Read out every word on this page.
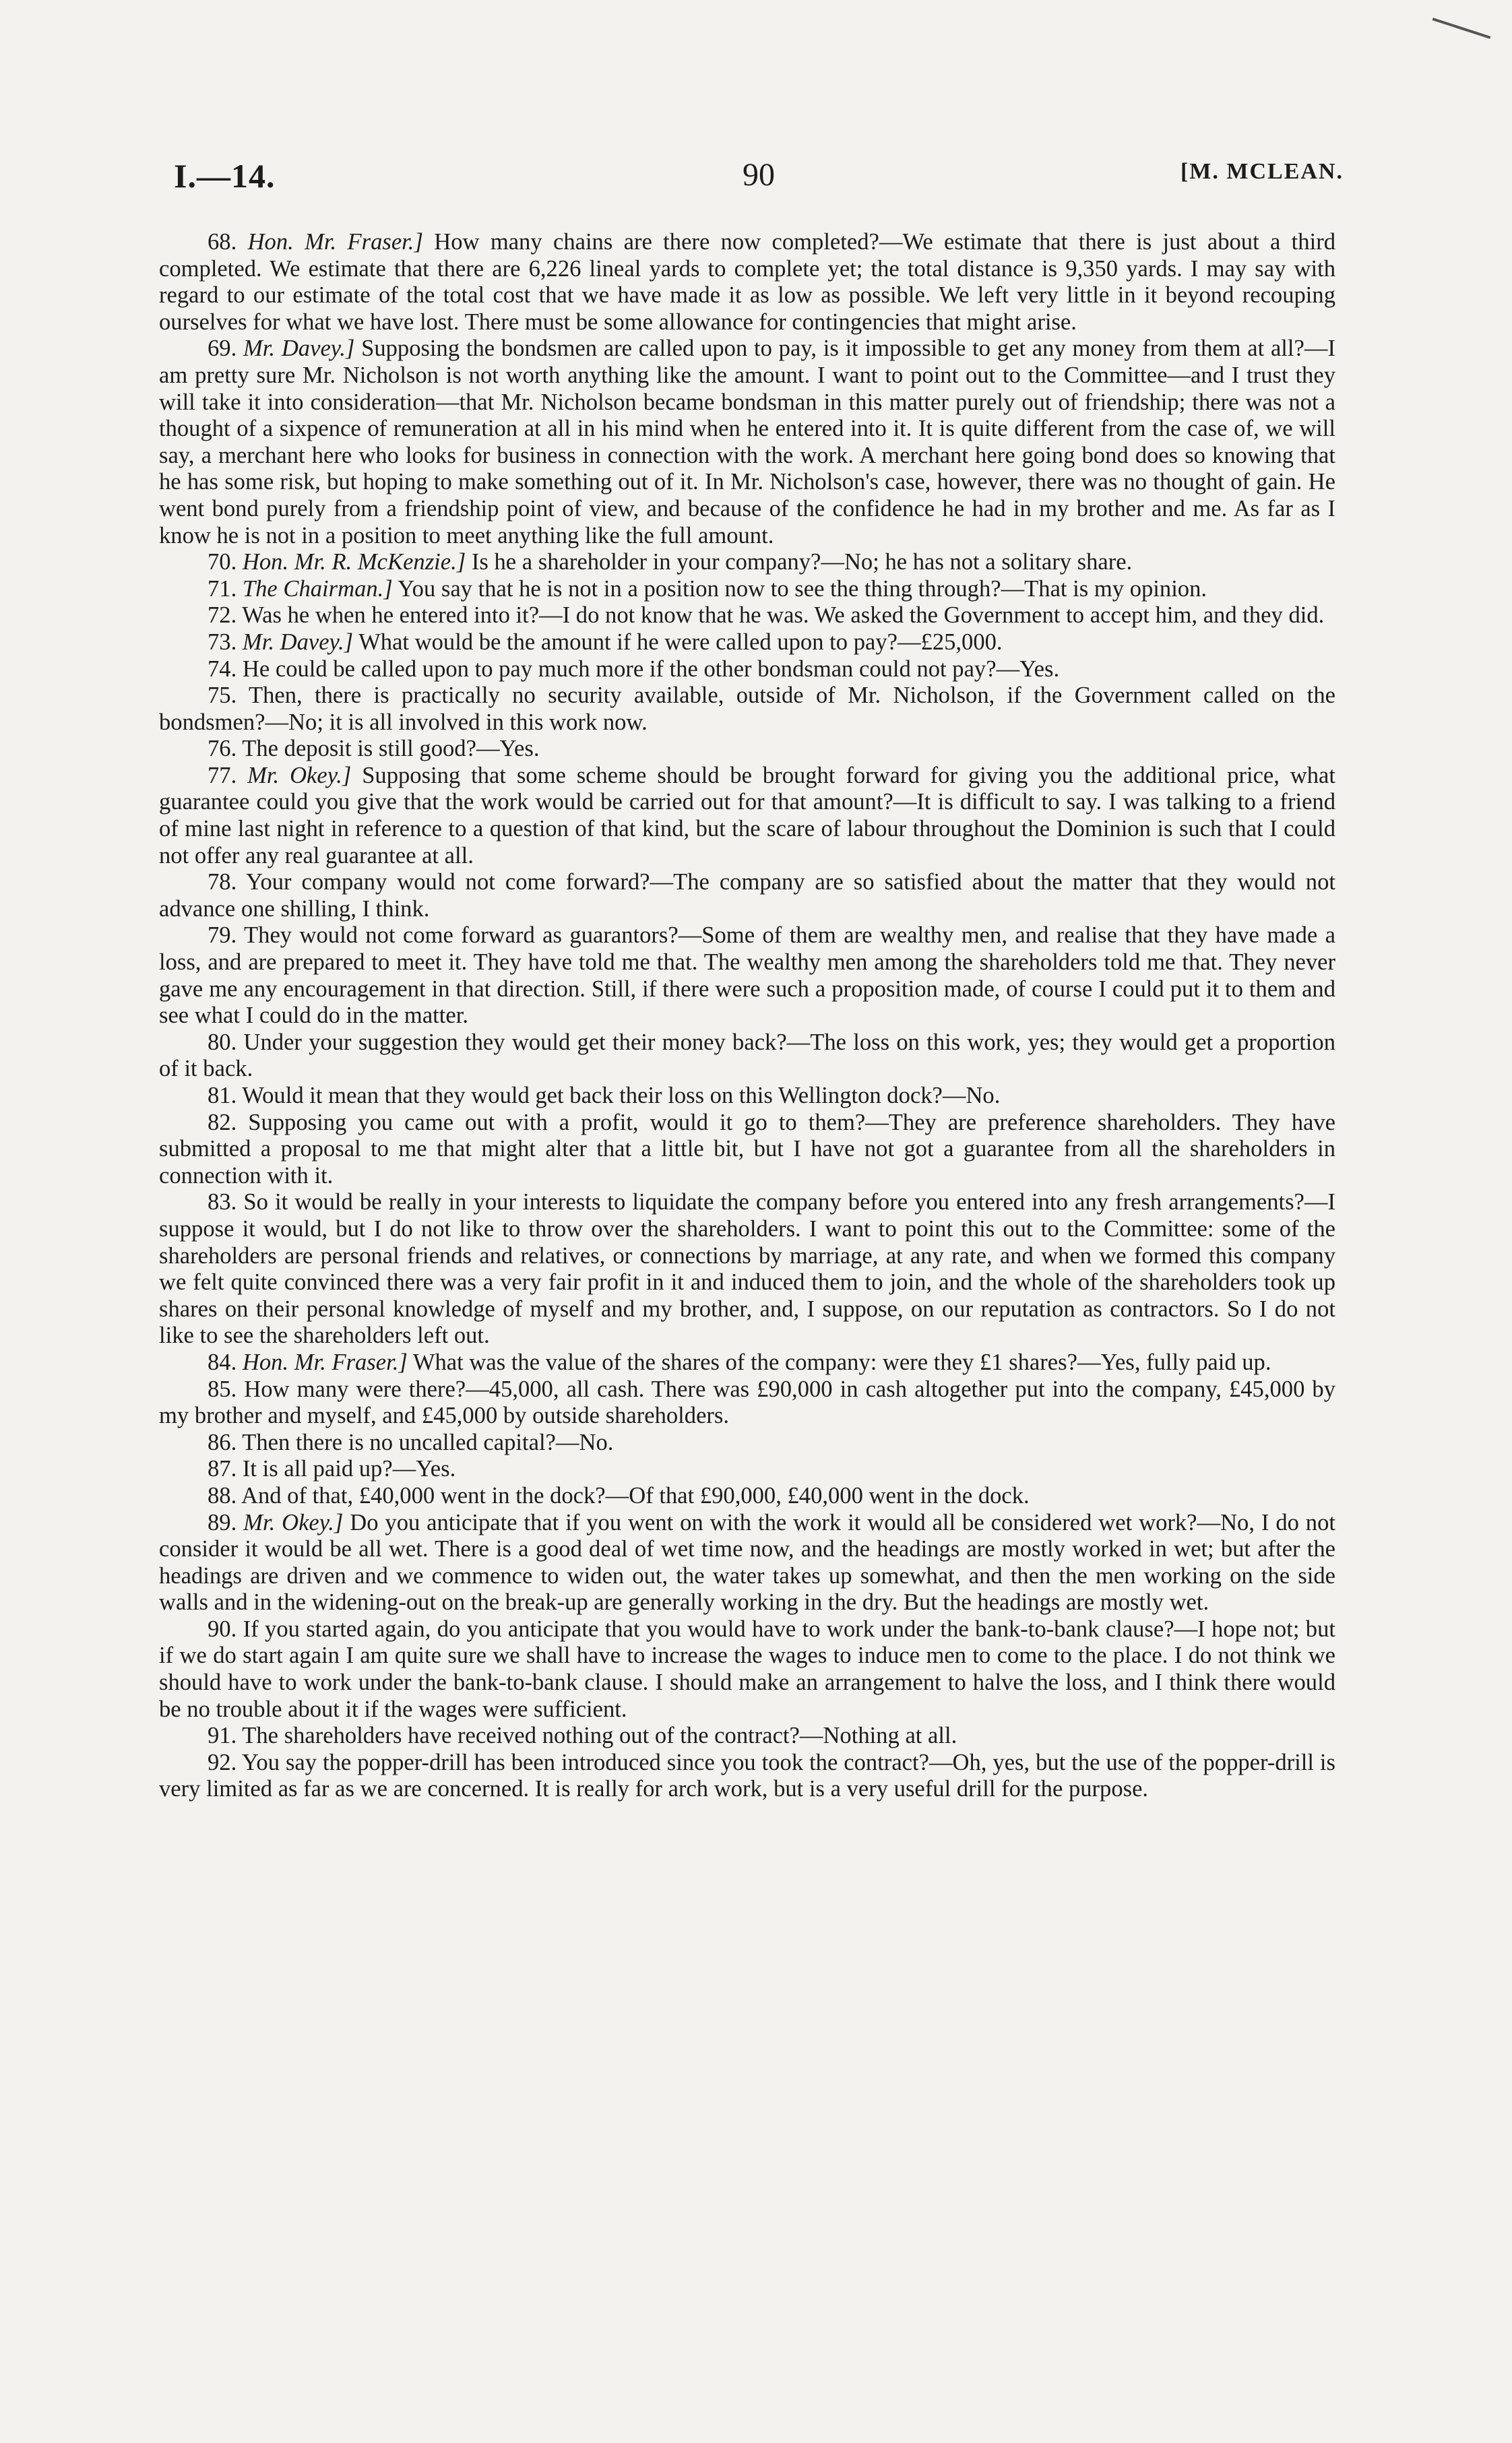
I.—14.	90	[M. MCLEAN.

68. Hon. Mr. Fraser.] How many chains are there now completed?—We estimate that there is just about a third completed. We estimate that there are 6,226 lineal yards to complete yet; the total distance is 9,350 yards. I may say with regard to our estimate of the total cost that we have made it as low as possible. We left very little in it beyond recouping ourselves for what we have lost. There must be some allowance for contingencies that might arise.

69. Mr. Davey.] Supposing the bondsmen are called upon to pay, is it impossible to get any money from them at all?—I am pretty sure Mr. Nicholson is not worth anything like the amount. I want to point out to the Committee—and I trust they will take it into consideration—that Mr. Nicholson became bondsman in this matter purely out of friendship; there was not a thought of a sixpence of remuneration at all in his mind when he entered into it. It is quite different from the case of, we will say, a merchant here who looks for business in connection with the work. A merchant here going bond does so knowing that he has some risk, but hoping to make something out of it. In Mr. Nicholson's case, however, there was no thought of gain. He went bond purely from a friendship point of view, and because of the confidence he had in my brother and me. As far as I know he is not in a position to meet anything like the full amount.

70. Hon. Mr. R. McKenzie.] Is he a shareholder in your company?—No; he has not a solitary share.

71. The Chairman.] You say that he is not in a position now to see the thing through?—That is my opinion.

72. Was he when he entered into it?—I do not know that he was. We asked the Government to accept him, and they did.

73. Mr. Davey.] What would be the amount if he were called upon to pay?—£25,000.

74. He could be called upon to pay much more if the other bondsman could not pay?—Yes.

75. Then, there is practically no security available, outside of Mr. Nicholson, if the Government called on the bondsmen?—No; it is all involved in this work now.

76. The deposit is still good?—Yes.

77. Mr. Okey.] Supposing that some scheme should be brought forward for giving you the additional price, what guarantee could you give that the work would be carried out for that amount?—It is difficult to say. I was talking to a friend of mine last night in reference to a question of that kind, but the scare of labour throughout the Dominion is such that I could not offer any real guarantee at all.

78. Your company would not come forward?—The company are so satisfied about the matter that they would not advance one shilling, I think.

79. They would not come forward as guarantors?—Some of them are wealthy men, and realise that they have made a loss, and are prepared to meet it. They have told me that. The wealthy men among the shareholders told me that. They never gave me any encouragement in that direction. Still, if there were such a proposition made, of course I could put it to them and see what I could do in the matter.

80. Under your suggestion they would get their money back?—The loss on this work, yes; they would get a proportion of it back.

81. Would it mean that they would get back their loss on this Wellington dock?—No.

82. Supposing you came out with a profit, would it go to them?—They are preference shareholders. They have submitted a proposal to me that might alter that a little bit, but I have not got a guarantee from all the shareholders in connection with it.

83. So it would be really in your interests to liquidate the company before you entered into any fresh arrangements?—I suppose it would, but I do not like to throw over the shareholders. I want to point this out to the Committee: some of the shareholders are personal friends and relatives, or connections by marriage, at any rate, and when we formed this company we felt quite convinced there was a very fair profit in it and induced them to join, and the whole of the shareholders took up shares on their personal knowledge of myself and my brother, and, I suppose, on our reputation as contractors. So I do not like to see the shareholders left out.

84. Hon. Mr. Fraser.] What was the value of the shares of the company: were they £1 shares?—Yes, fully paid up.

85. How many were there?—45,000, all cash. There was £90,000 in cash altogether put into the company, £45,000 by my brother and myself, and £45,000 by outside shareholders.

86. Then there is no uncalled capital?—No.

87. It is all paid up?—Yes.

88. And of that, £40,000 went in the dock?—Of that £90,000, £40,000 went in the dock.

89. Mr. Okey.] Do you anticipate that if you went on with the work it would all be considered wet work?—No, I do not consider it would be all wet. There is a good deal of wet time now, and the headings are mostly worked in wet; but after the headings are driven and we commence to widen out, the water takes up somewhat, and then the men working on the side walls and in the widening-out on the break-up are generally working in the dry. But the headings are mostly wet.

90. If you started again, do you anticipate that you would have to work under the bank-to-bank clause?—I hope not; but if we do start again I am quite sure we shall have to increase the wages to induce men to come to the place. I do not think we should have to work under the bank-to-bank clause. I should make an arrangement to halve the loss, and I think there would be no trouble about it if the wages were sufficient.

91. The shareholders have received nothing out of the contract?—Nothing at all.

92. You say the popper-drill has been introduced since you took the contract?—Oh, yes, but the use of the popper-drill is very limited as far as we are concerned. It is really for arch work, but is a very useful drill for the purpose.
